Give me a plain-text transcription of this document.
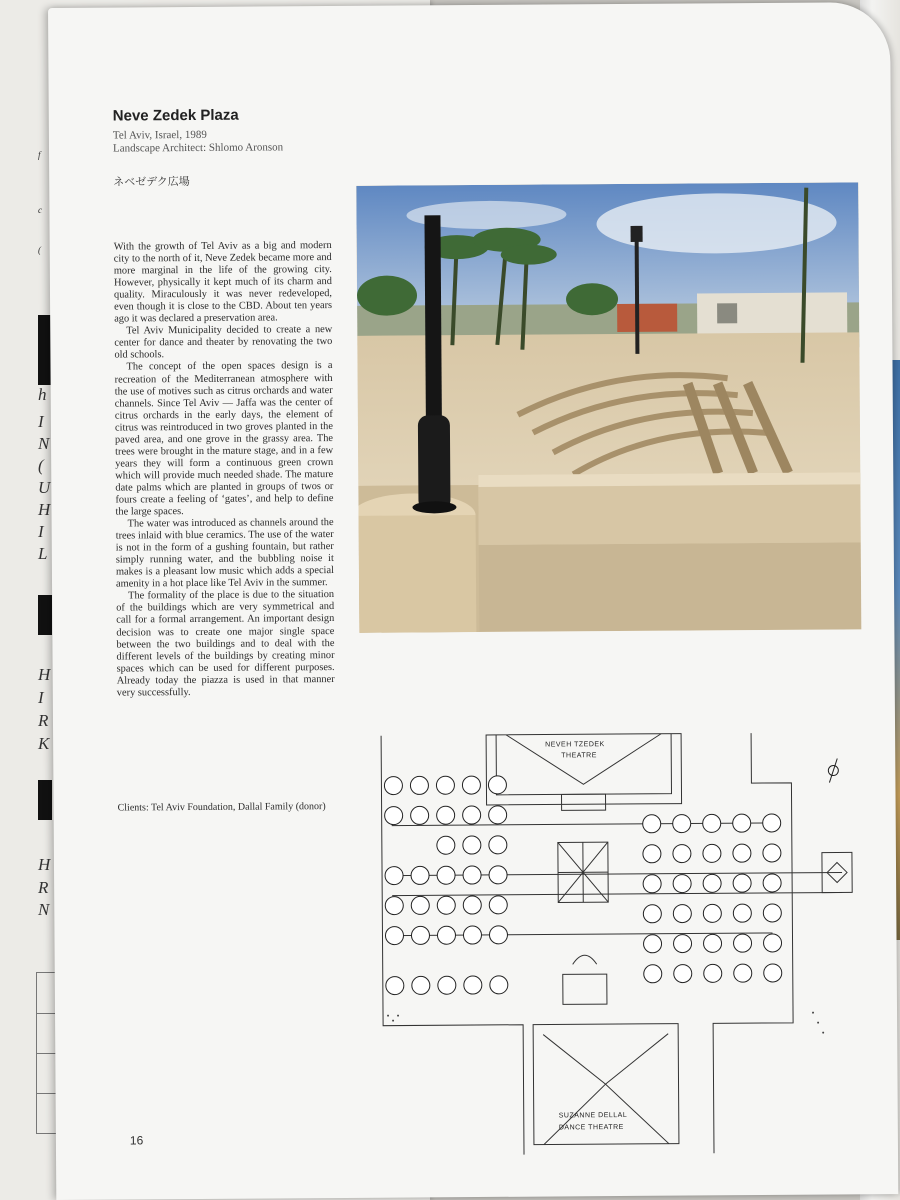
f
c
(
h
I
N
(
U
H
I
L
H
I
R
K
H
R
N
Neve Zedek Plaza
Tel Aviv, Israel, 1989
Landscape Architect: Shlomo Aronson
ネベゼデク広場

With the growth of Tel Aviv as a big and modern city to the north of it, Neve Zedek became more and more marginal in the life of the growing city. However, physically it kept much of its charm and quality. Miraculously it was never redeveloped, even though it is close to the CBD. About ten years ago it was declared a preservation area.

Tel Aviv Municipality decided to create a new center for dance and theater by renovating the two old schools.

The concept of the open spaces design is a recreation of the Mediterranean atmosphere with the use of motives such as citrus orchards and water channels. Since Tel Aviv — Jaffa was the center of citrus orchards in the early days, the element of citrus was reintroduced in two groves planted in the paved area, and one grove in the grassy area. The trees were brought in the mature stage, and in a few years they will form a continuous green crown which will provide much needed shade. The mature date palms which are planted in groups of twos or fours create a feeling of ‘gates’, and help to define the large spaces.

The water was introduced as channels around the trees inlaid with blue ceramics. The use of the water is not in the form of a gushing fountain, but rather simply running water, and the bubbling noise it makes is a pleasant low music which adds a special amenity in a hot place like Tel Aviv in the summer.

The formality of the place is due to the situation of the buildings which are very symmetrical and call for a formal arrangement. An important design decision was to create one major single space between the two buildings and to deal with the different levels of the buildings by creating minor spaces which can be used for different purposes. Already today the piazza is used in that manner very successfully.

Clients: Tel Aviv Foundation, Dallal Family (donor)
NEVEH TZEDEK
THEATRE
SUZANNE DELLAL
DANCE THEATRE
16
